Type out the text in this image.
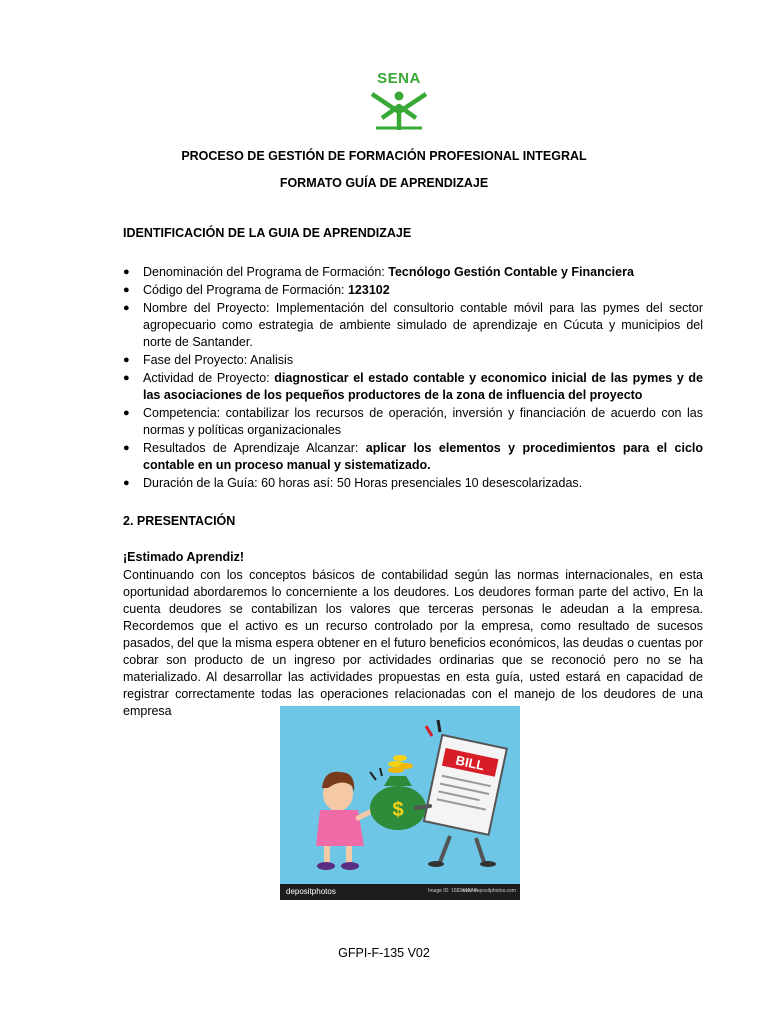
SENA
PROCESO DE GESTIÓN DE FORMACIÓN PROFESIONAL INTEGRAL
FORMATO GUÍA DE APRENDIZAJE
IDENTIFICACIÓN DE LA GUIA DE APRENDIZAJE
● Denominación del Programa de Formación: Tecnólogo Gestión Contable y Financiera
● Código del Programa de Formación: 123102
● Nombre del Proyecto: Implementación del consultorio contable móvil para las pymes del sector agropecuario como estrategia de ambiente simulado de aprendizaje en Cúcuta y municipios del norte de Santander.
● Fase del Proyecto: Analisis
● Actividad de Proyecto: diagnosticar el estado contable y economico inicial de las pymes y de las asociaciones de los pequeños productores de la zona de influencia del proyecto
● Competencia: contabilizar los recursos de operación, inversión y financiación de acuerdo con las normas y políticas organizacionales
● Resultados de Aprendizaje Alcanzar: aplicar los elementos y procedimientos para el ciclo contable en un proceso manual y sistematizado.
● Duración de la Guía: 60 horas así: 50 Horas presenciales 10 desescolarizadas.
2. PRESENTACIÓN
¡Estimado Aprendiz!

Continuando con los conceptos básicos de contabilidad según las normas internacionales, en esta oportunidad abordaremos lo concerniente a los deudores. Los deudores forman parte del activo, En la cuenta deudores se contabilizan los valores que terceras personas le adeudan a la empresa. Recordemos que el activo es un recurso controlado por la empresa, como resultado de sucesos pasados, del que la misma espera obtener en el futuro beneficios económicos, las deudas o cuentas por cobrar son producto de un ingreso por actividades ordinarias que se reconoció pero no se ha materializado. Al desarrollar las actividades propuestas en esta guía, usted estará en capacidad de registrar correctamente todas las operaciones relacionadas con el manejo de los deudores de una empresa

$
BILL
depositphotos	Image ID: 168241574
www.depositphotos.com
GFPI-F-135 V02
